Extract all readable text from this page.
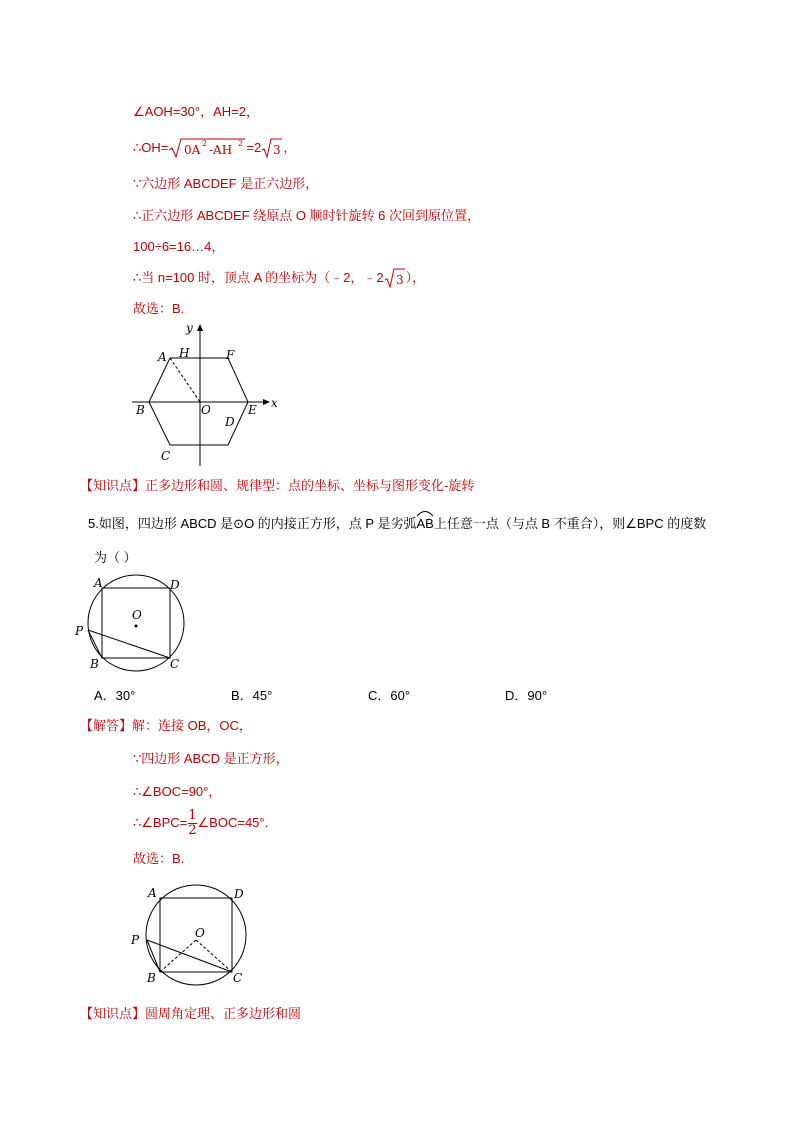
∠AOH=30°，AH=2，
∴OH= 0A 2 -AH 2 =2 3 ，
∵六边形 ABCDEF 是正六边形，
∴正六边形 ABCDEF 绕原点 O 顺时针旋转 6 次回到原位置，
100÷6=16…4，
∴当 n=100 时，顶点 A 的坐标为（﹣2，﹣2 3 ），
故选：B.
y
x
A H	F
B	O	E
C
D
【知识点】正多边形和圆、规律型：点的坐标、坐标与图形变化-旋转
5.如图，四边形 ABCD 是⊙O 的内接正方形，点 P 是劣弧
AB上任意一点（与点 B 不重合），则∠BPC 的度数
为（ ）
A	D
O
P
B	C
A．30°	B．45°	C．60°	D．90°
【解答】解：连接 OB，OC，
∵四边形 ABCD 是正方形，
∴∠BOC=90°，
∴∠BPC= $\frac{1}{2}$ ∠BOC=45°.
故选：B.
A	D
O
P
B	C
【知识点】圆周角定理、正多边形和圆
